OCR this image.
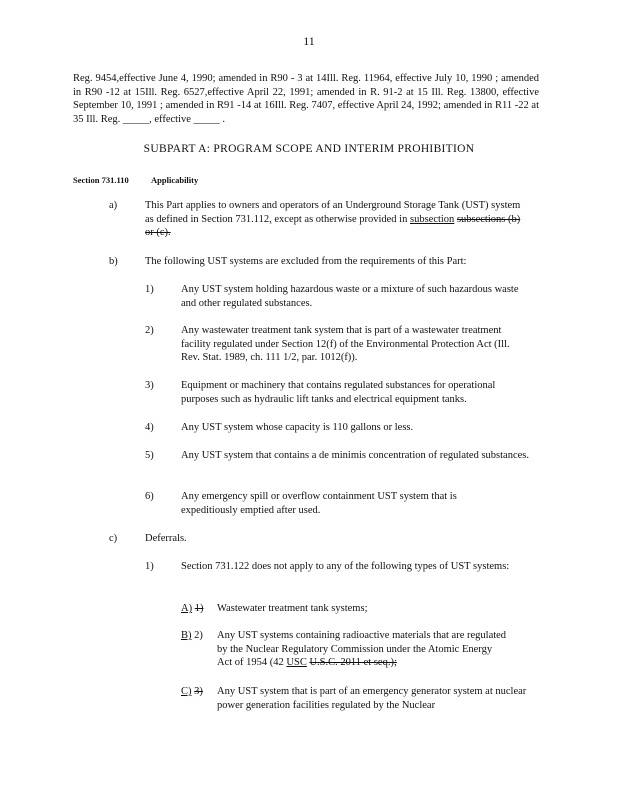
11
Reg. 9454,effective June 4, 1990; amended in R90 - 3 at 14Ill. Reg. 11964, effective July 10, 1990 ; amended in R90 -12 at 15Ill. Reg. 6527,effective April 22, 1991; amended in R. 91-2 at 15 Ill. Reg. 13800, effective September 10, 1991 ; amended in R91 -14 at 16Ill. Reg. 7407, effective April 24, 1992; amended in R11 -22 at 35 Ill. Reg. _____, effective _____ .
SUBPART A: PROGRAM SCOPE AND INTERIM PROHIBITION
Section 731.110	Applicability
a)	This Part applies to owners and operators of an Underground Storage Tank (UST) system as defined in Section 731.112, except as otherwise provided in subsection subsections (b) or (c).
b)	The following UST systems are excluded from the requirements of this Part:
1)	Any UST system holding hazardous waste or a mixture of such hazardous waste and other regulated substances.
2)	Any wastewater treatment tank system that is part of a wastewater treatment facility regulated under Section 12(f) of the Environmental Protection Act (Ill. Rev. Stat. 1989, ch. 111 1/2, par. 1012(f)).
3)	Equipment or machinery that contains regulated substances for operational purposes such as hydraulic lift tanks and electrical equipment tanks.
4)	Any UST system whose capacity is 110 gallons or less.
5)	Any UST system that contains a de minimis concentration of regulated substances.
6)	Any emergency spill or overflow containment UST system that is expeditiously emptied after used.
c)	Deferrals.
1)	Section 731.122 does not apply to any of the following types of UST systems:
A) 1)	Wastewater treatment tank systems;
B) 2)	Any UST systems containing radioactive materials that are regulated by the Nuclear Regulatory Commission under the Atomic Energy Act of 1954 (42 USC U.S.C. 2011 et seq.);
C) 3)	Any UST system that is part of an emergency generator system at nuclear power generation facilities regulated by the Nuclear
